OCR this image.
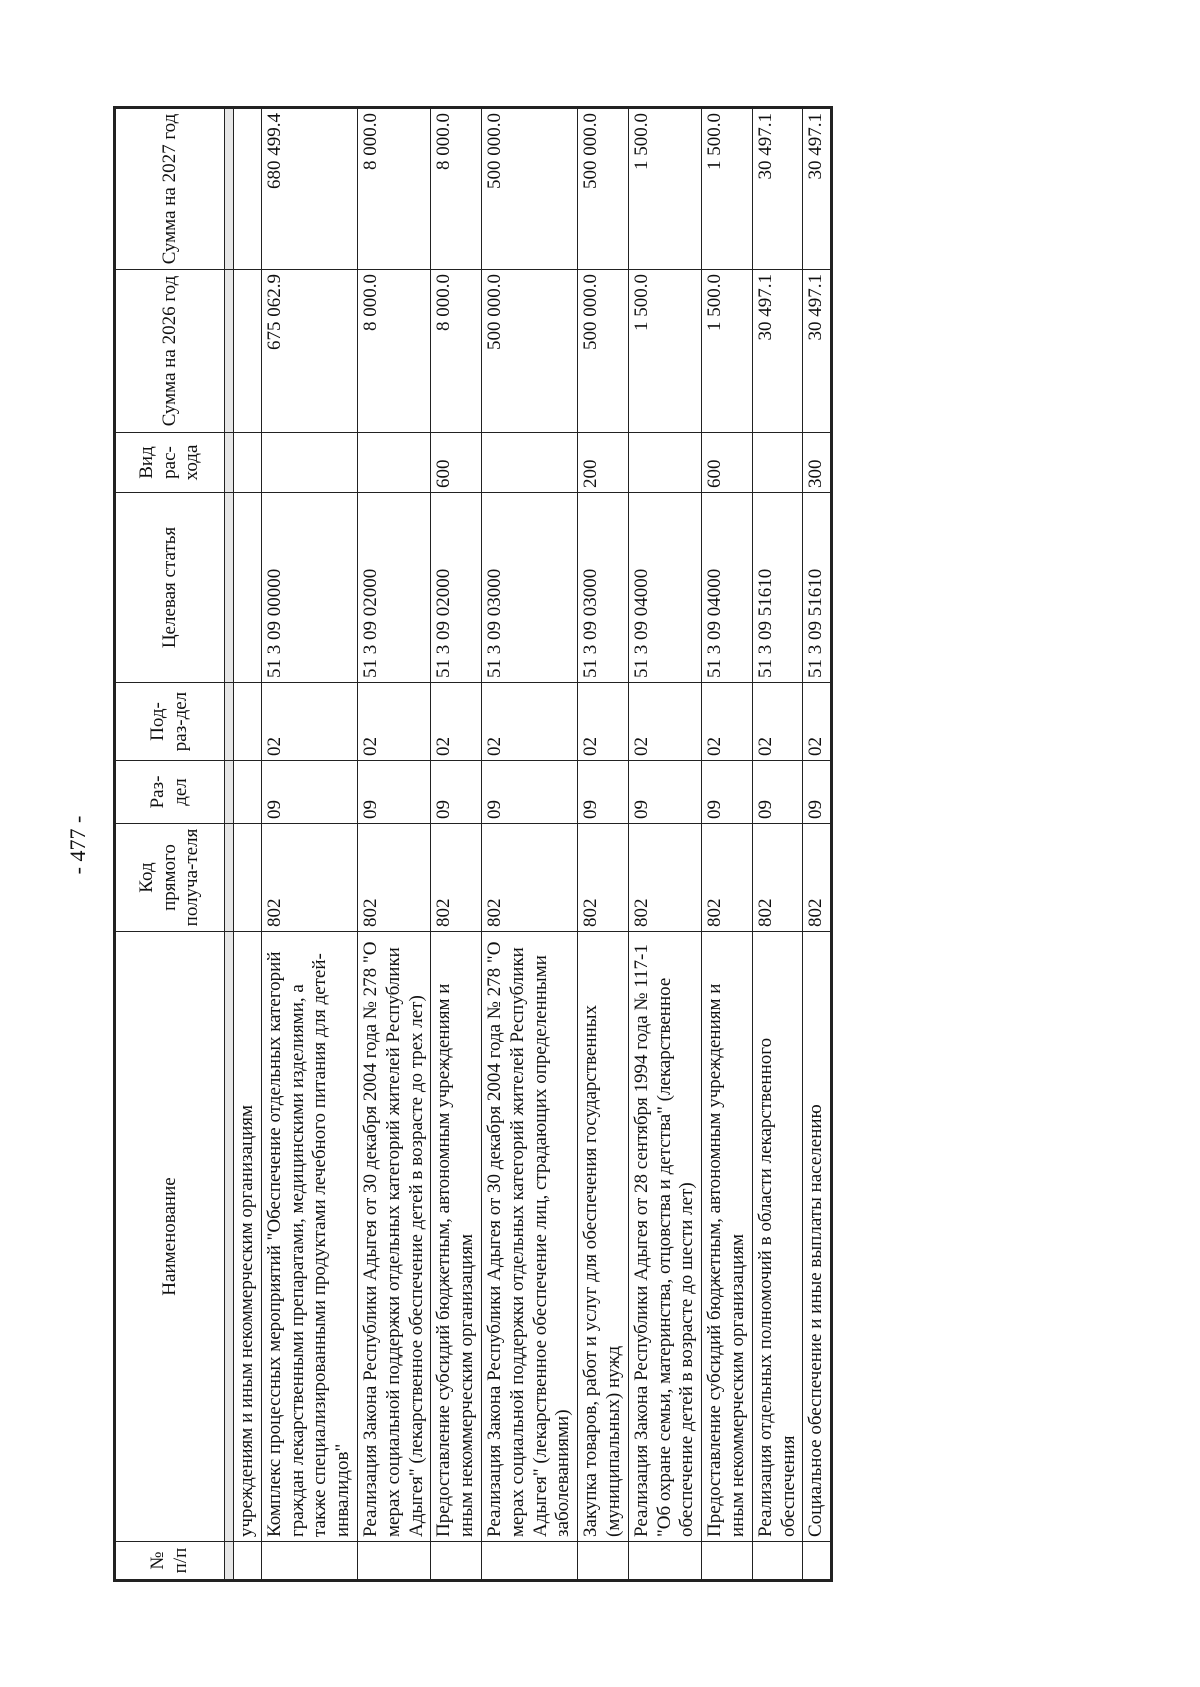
- 477 -
№ п/п	Наименование	Код прямого получа-теля	Раз-дел	Под-раз-дел	Целевая статья	Вид рас-хода	Сумма на 2026 год	Сумма на 2027 год

	учреждениям и иным некоммерческим организациям							
	Комплекс процессных мероприятий "Обеспечение отдельных категорий граждан лекарственными препаратами, медицинскими изделиями, а также специализированными продуктами лечебного питания для детей-инвалидов"	802	09	02	51 3 09 00000		675 062.9	680 499.4
	Реализация Закона Республики Адыгея от 30 декабря 2004 года № 278 "О мерах социальной поддержки отдельных категорий жителей Республики Адыгея" (лекарственное обеспечение детей в возрасте до трех лет)	802	09	02	51 3 09 02000		8 000.0	8 000.0
	Предоставление субсидий бюджетным, автономным учреждениям и иным некоммерческим организациям	802	09	02	51 3 09 02000	600	8 000.0	8 000.0
	Реализация Закона Республики Адыгея от 30 декабря 2004 года № 278 "О мерах социальной поддержки отдельных категорий жителей Республики Адыгея" (лекарственное обеспечение лиц, страдающих определенными заболеваниями)	802	09	02	51 3 09 03000		500 000.0	500 000.0
	Закупка товаров, работ и услуг для обеспечения государственных (муниципальных) нужд	802	09	02	51 3 09 03000	200	500 000.0	500 000.0
	Реализация Закона Республики Адыгея от 28 сентября 1994 года № 117-1 "Об охране семьи, материнства, отцовства и детства" (лекарственное обеспечение детей в возрасте до шести лет)	802	09	02	51 3 09 04000		1 500.0	1 500.0
	Предоставление субсидий бюджетным, автономным учреждениям и иным некоммерческим организациям	802	09	02	51 3 09 04000	600	1 500.0	1 500.0
	Реализация отдельных полномочий в области лекарственного обеспечения	802	09	02	51 3 09 51610		30 497.1	30 497.1
	Социальное обеспечение и иные выплаты населению	802	09	02	51 3 09 51610	300	30 497.1	30 497.1
